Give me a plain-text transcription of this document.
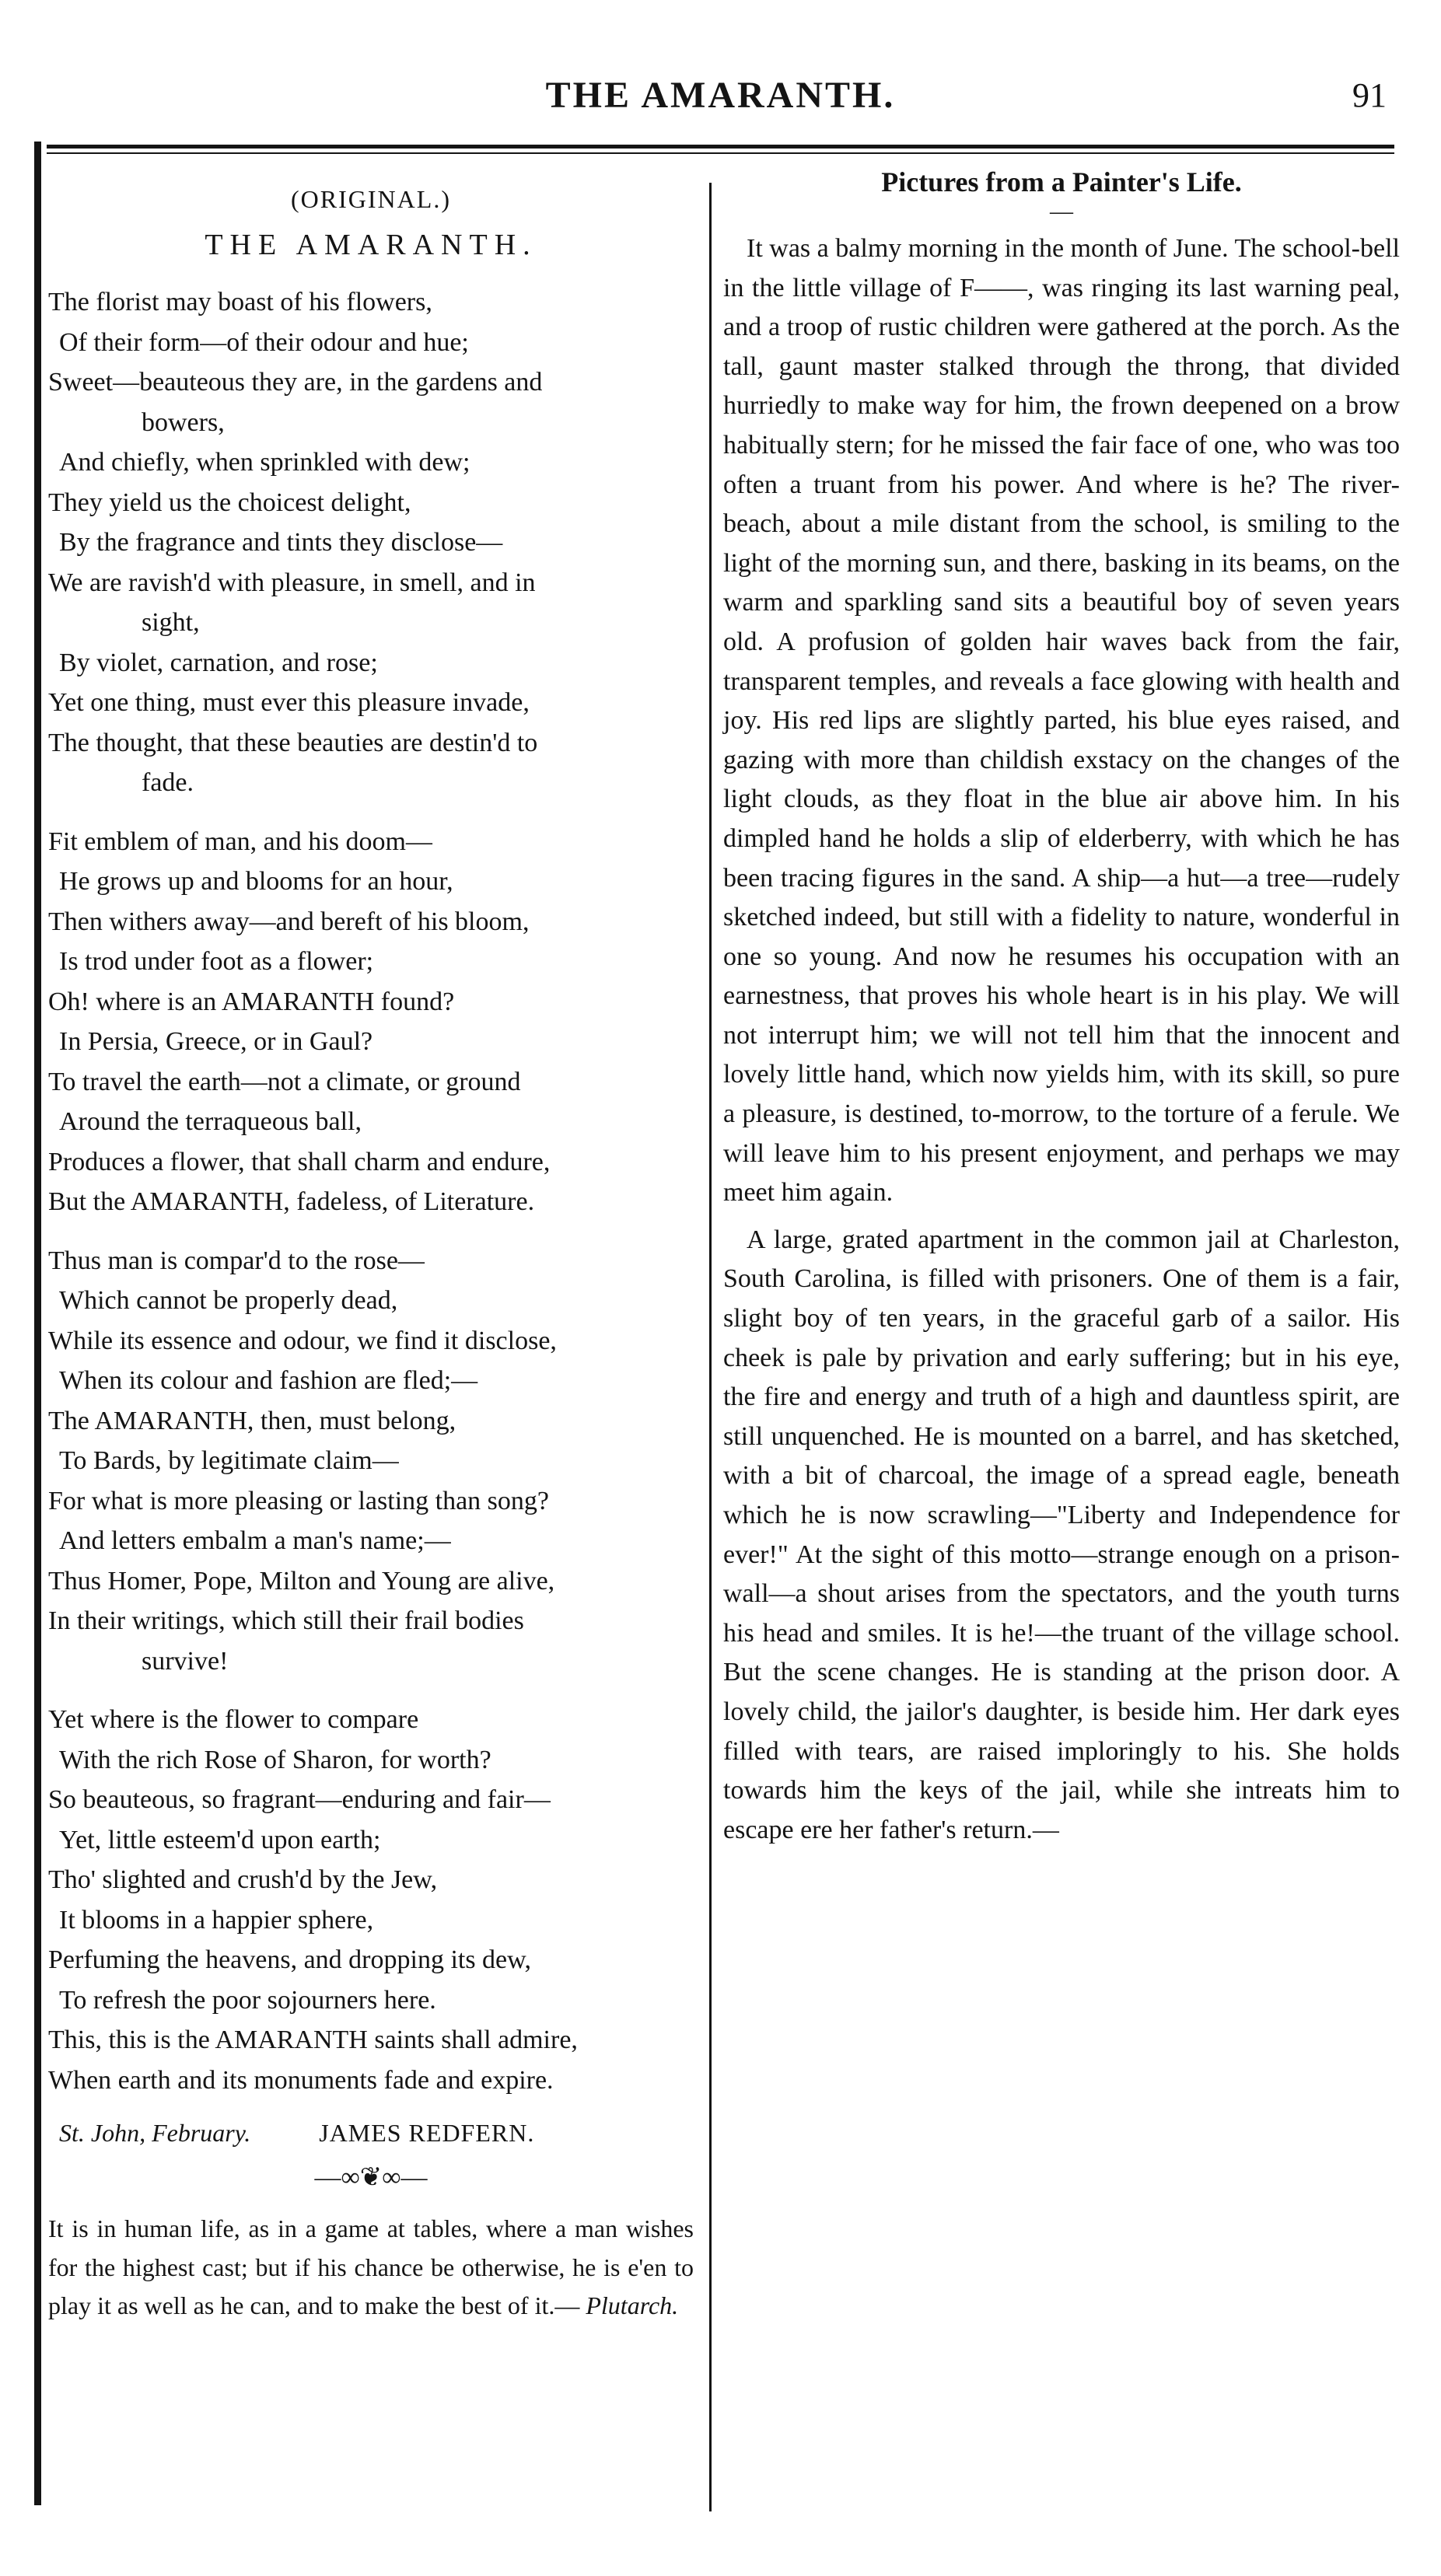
THE AMARANTH.	91
(ORIGINAL.)
THE AMARANTH.
The florist may boast of his flowers,
Of their form—of their odour and hue;
Sweet—beauteous they are, in the gardens and
bowers,
And chiefly, when sprinkled with dew;
They yield us the choicest delight,
By the fragrance and tints they disclose—
We are ravish'd with pleasure, in smell, and in
sight,
By violet, carnation, and rose;
Yet one thing, must ever this pleasure invade,
The thought, that these beauties are destin'd to
fade.
Fit emblem of man, and his doom—
He grows up and blooms for an hour,
Then withers away—and bereft of his bloom,
Is trod under foot as a flower;
Oh! where is an AMARANTH found?
In Persia, Greece, or in Gaul?
To travel the earth—not a climate, or ground
Around the terraqueous ball,
Produces a flower, that shall charm and endure,
But the AMARANTH, fadeless, of Literature.
Thus man is compar'd to the rose—
Which cannot be properly dead,
While its essence and odour, we find it disclose,
When its colour and fashion are fled;—
The AMARANTH, then, must belong,
To Bards, by legitimate claim—
For what is more pleasing or lasting than song?
And letters embalm a man's name;—
Thus Homer, Pope, Milton and Young are alive,
In their writings, which still their frail bodies
survive!
Yet where is the flower to compare
With the rich Rose of Sharon, for worth?
So beauteous, so fragrant—enduring and fair—
Yet, little esteem'd upon earth;
Tho' slighted and crush'd by the Jew,
It blooms in a happier sphere,
Perfuming the heavens, and dropping its dew,
To refresh the poor sojourners here.
This, this is the AMARANTH saints shall admire,
When earth and its monuments fade and expire.
St. John, February.	JAMES REDFERN.
—∞❦∞—
It is in human life, as in a game at tables, where a man wishes for the highest cast; but if his chance be otherwise, he is e'en to play it as well as he can, and to make the best of it.— Plutarch.
Pictures from a Painter's Life.
—

It was a balmy morning in the month of June. The school-bell in the little village of F——, was ringing its last warning peal, and a troop of rustic children were gathered at the porch. As the tall, gaunt master stalked through the throng, that divided hurriedly to make way for him, the frown deepened on a brow habitually stern; for he missed the fair face of one, who was too often a truant from his power. And where is he? The river-beach, about a mile distant from the school, is smiling to the light of the morning sun, and there, basking in its beams, on the warm and sparkling sand sits a beautiful boy of seven years old. A profusion of golden hair waves back from the fair, transparent temples, and reveals a face glowing with health and joy. His red lips are slightly parted, his blue eyes raised, and gazing with more than childish exstacy on the changes of the light clouds, as they float in the blue air above him. In his dimpled hand he holds a slip of elderberry, with which he has been tracing figures in the sand. A ship—a hut—a tree—rudely sketched indeed, but still with a fidelity to nature, wonderful in one so young. And now he resumes his occupation with an earnestness, that proves his whole heart is in his play. We will not interrupt him; we will not tell him that the innocent and lovely little hand, which now yields him, with its skill, so pure a pleasure, is destined, to-morrow, to the torture of a ferule. We will leave him to his present enjoyment, and perhaps we may meet him again.

A large, grated apartment in the common jail at Charleston, South Carolina, is filled with prisoners. One of them is a fair, slight boy of ten years, in the graceful garb of a sailor. His cheek is pale by privation and early suffering; but in his eye, the fire and energy and truth of a high and dauntless spirit, are still unquenched. He is mounted on a barrel, and has sketched, with a bit of charcoal, the image of a spread eagle, beneath which he is now scrawling—"Liberty and Independence for ever!" At the sight of this motto—strange enough on a prison-wall—a shout arises from the spectators, and the youth turns his head and smiles. It is he!—the truant of the village school. But the scene changes. He is standing at the prison door. A lovely child, the jailor's daughter, is beside him. Her dark eyes filled with tears, are raised imploringly to his. She holds towards him the keys of the jail, while she intreats him to escape ere her father's return.—
